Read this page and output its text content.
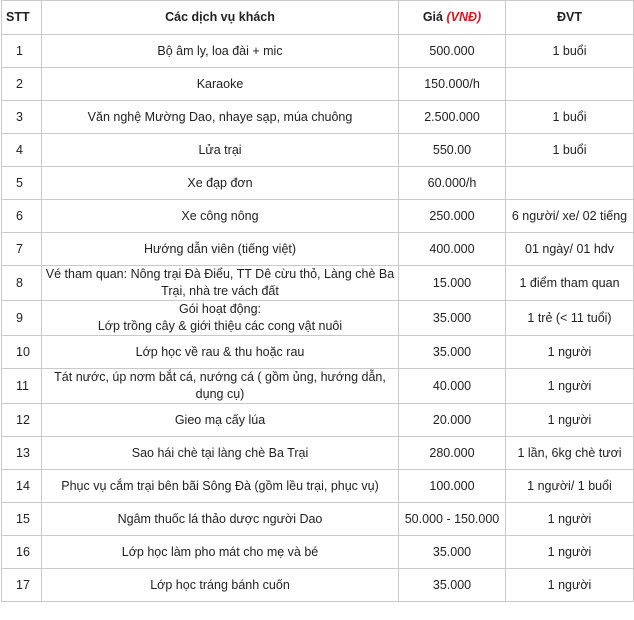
STT	Các dịch vụ khách	Giá (VNĐ)	ĐVT
1	Bộ âm ly, loa đài + mic	500.000	1 buổi
2	Karaoke	150.000/h	
3	Văn nghệ Mường Dao, nhaye sạp, múa chuông	2.500.000	1 buổi
4	Lửa trại	550.00	1 buổi
5	Xe đạp đơn	60.000/h	
6	Xe công nông	250.000	6 người/ xe/ 02 tiếng
7	Hướng dẫn viên (tiếng việt)	400.000	01 ngày/ 01 hdv
8	Vé tham quan: Nông trại Đà Điểu, TT Dê cừu thỏ, Làng chè Ba Trại, nhà tre vách đất	15.000	1 điểm tham quan
9	Gói hoạt động:
Lớp trồng cây & giới thiệu các cong vật nuôi	35.000	1 trẻ (< 11 tuổi)
10	Lớp học về rau & thu hoặc rau	35.000	1 người
11	Tát nước, úp nơm bắt cá, nướng cá ( gồm ủng, hướng dẫn, dụng cụ)	40.000	1 người
12	Gieo mạ cấy lúa	20.000	1 người
13	Sao hái chè tại làng chè Ba Trại	280.000	1 lần, 6kg chè tươi
14	Phục vụ cắm trại bên bãi Sông Đà (gồm lều trại, phục vụ)	100.000	1 người/ 1 buổi
15	Ngâm thuốc lá thảo dược người Dao	50.000 - 150.000	1 người
16	Lớp học làm pho mát cho mẹ và bé	35.000	1 người
17	Lớp học tráng bánh cuốn	35.000	1 người
